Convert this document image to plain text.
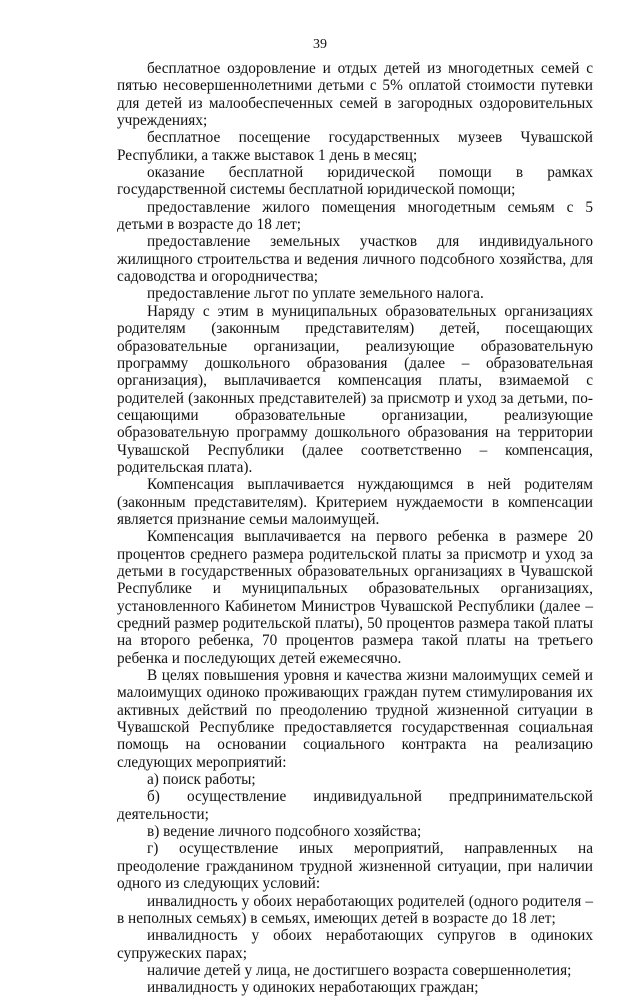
39

бесплатное оздоровление и отдых детей из многодетных семей с пятью несовершеннолетними детьми с 5% оплатой стоимости путевки для детей из малообеспеченных семей в загородных оздоровительных учреждениях;

бесплатное посещение государственных музеев Чувашской Республики, а также выставок 1 день в месяц;

оказание бесплатной юридической помощи в рамках государственной системы бесплатной юридической помощи;

предоставление жилого помещения многодетным семьям с 5 детьми в возрасте до 18 лет;

предоставление земельных участков для индивидуального жилищного строительства и ведения личного подсобного хозяйства, для садоводства и огородничества;

предоставление льгот по уплате земельного налога.

Наряду с этим в муниципальных образовательных организациях родителям (законным представителям) детей, посещающих образовательные организации, реализующие образовательную программу дошкольного образования (далее – образовательная организация), выплачивается компенсация платы, взимаемой с родителей (законных представителей) за присмотр и уход за детьми, посещающими образовательные организации, реализующие образовательную программу дошкольного образования на территории Чувашской Республики (далее соответственно – компенсация, родительская плата).

Компенсация выплачивается нуждающимся в ней родителям (законным представителям). Критерием нуждаемости в компенсации является признание семьи малоимущей.

Компенсация выплачивается на первого ребенка в размере 20 процентов среднего размера родительской платы за присмотр и уход за детьми в государственных образовательных организациях в Чувашской Республике и муниципальных образовательных организациях, установленного Кабинетом Министров Чувашской Республики (далее – средний размер родительской платы), 50 процентов размера такой платы на второго ребенка, 70 процентов размера такой платы на третьего ребенка и последующих детей ежемесячно.

В целях повышения уровня и качества жизни малоимущих семей и малоимущих одиноко проживающих граждан путем стимулирования их активных действий по преодолению трудной жизненной ситуации в Чувашской Республике предоставляется государственная социальная помощь на основании социального контракта на реализацию следующих мероприятий:

а) поиск работы;

б) осуществление индивидуальной предпринимательской деятельности;

в) ведение личного подсобного хозяйства;

г) осуществление иных мероприятий, направленных на преодоление гражданином трудной жизненной ситуации, при наличии одного из следующих условий:

инвалидность у обоих неработающих родителей (одного родителя – в неполных семьях) в семьях, имеющих детей в возрасте до 18 лет;

инвалидность у обоих неработающих супругов в одиноких супружеских парах;

наличие детей у лица, не достигшего возраста совершеннолетия;

инвалидность у одиноких неработающих граждан;
